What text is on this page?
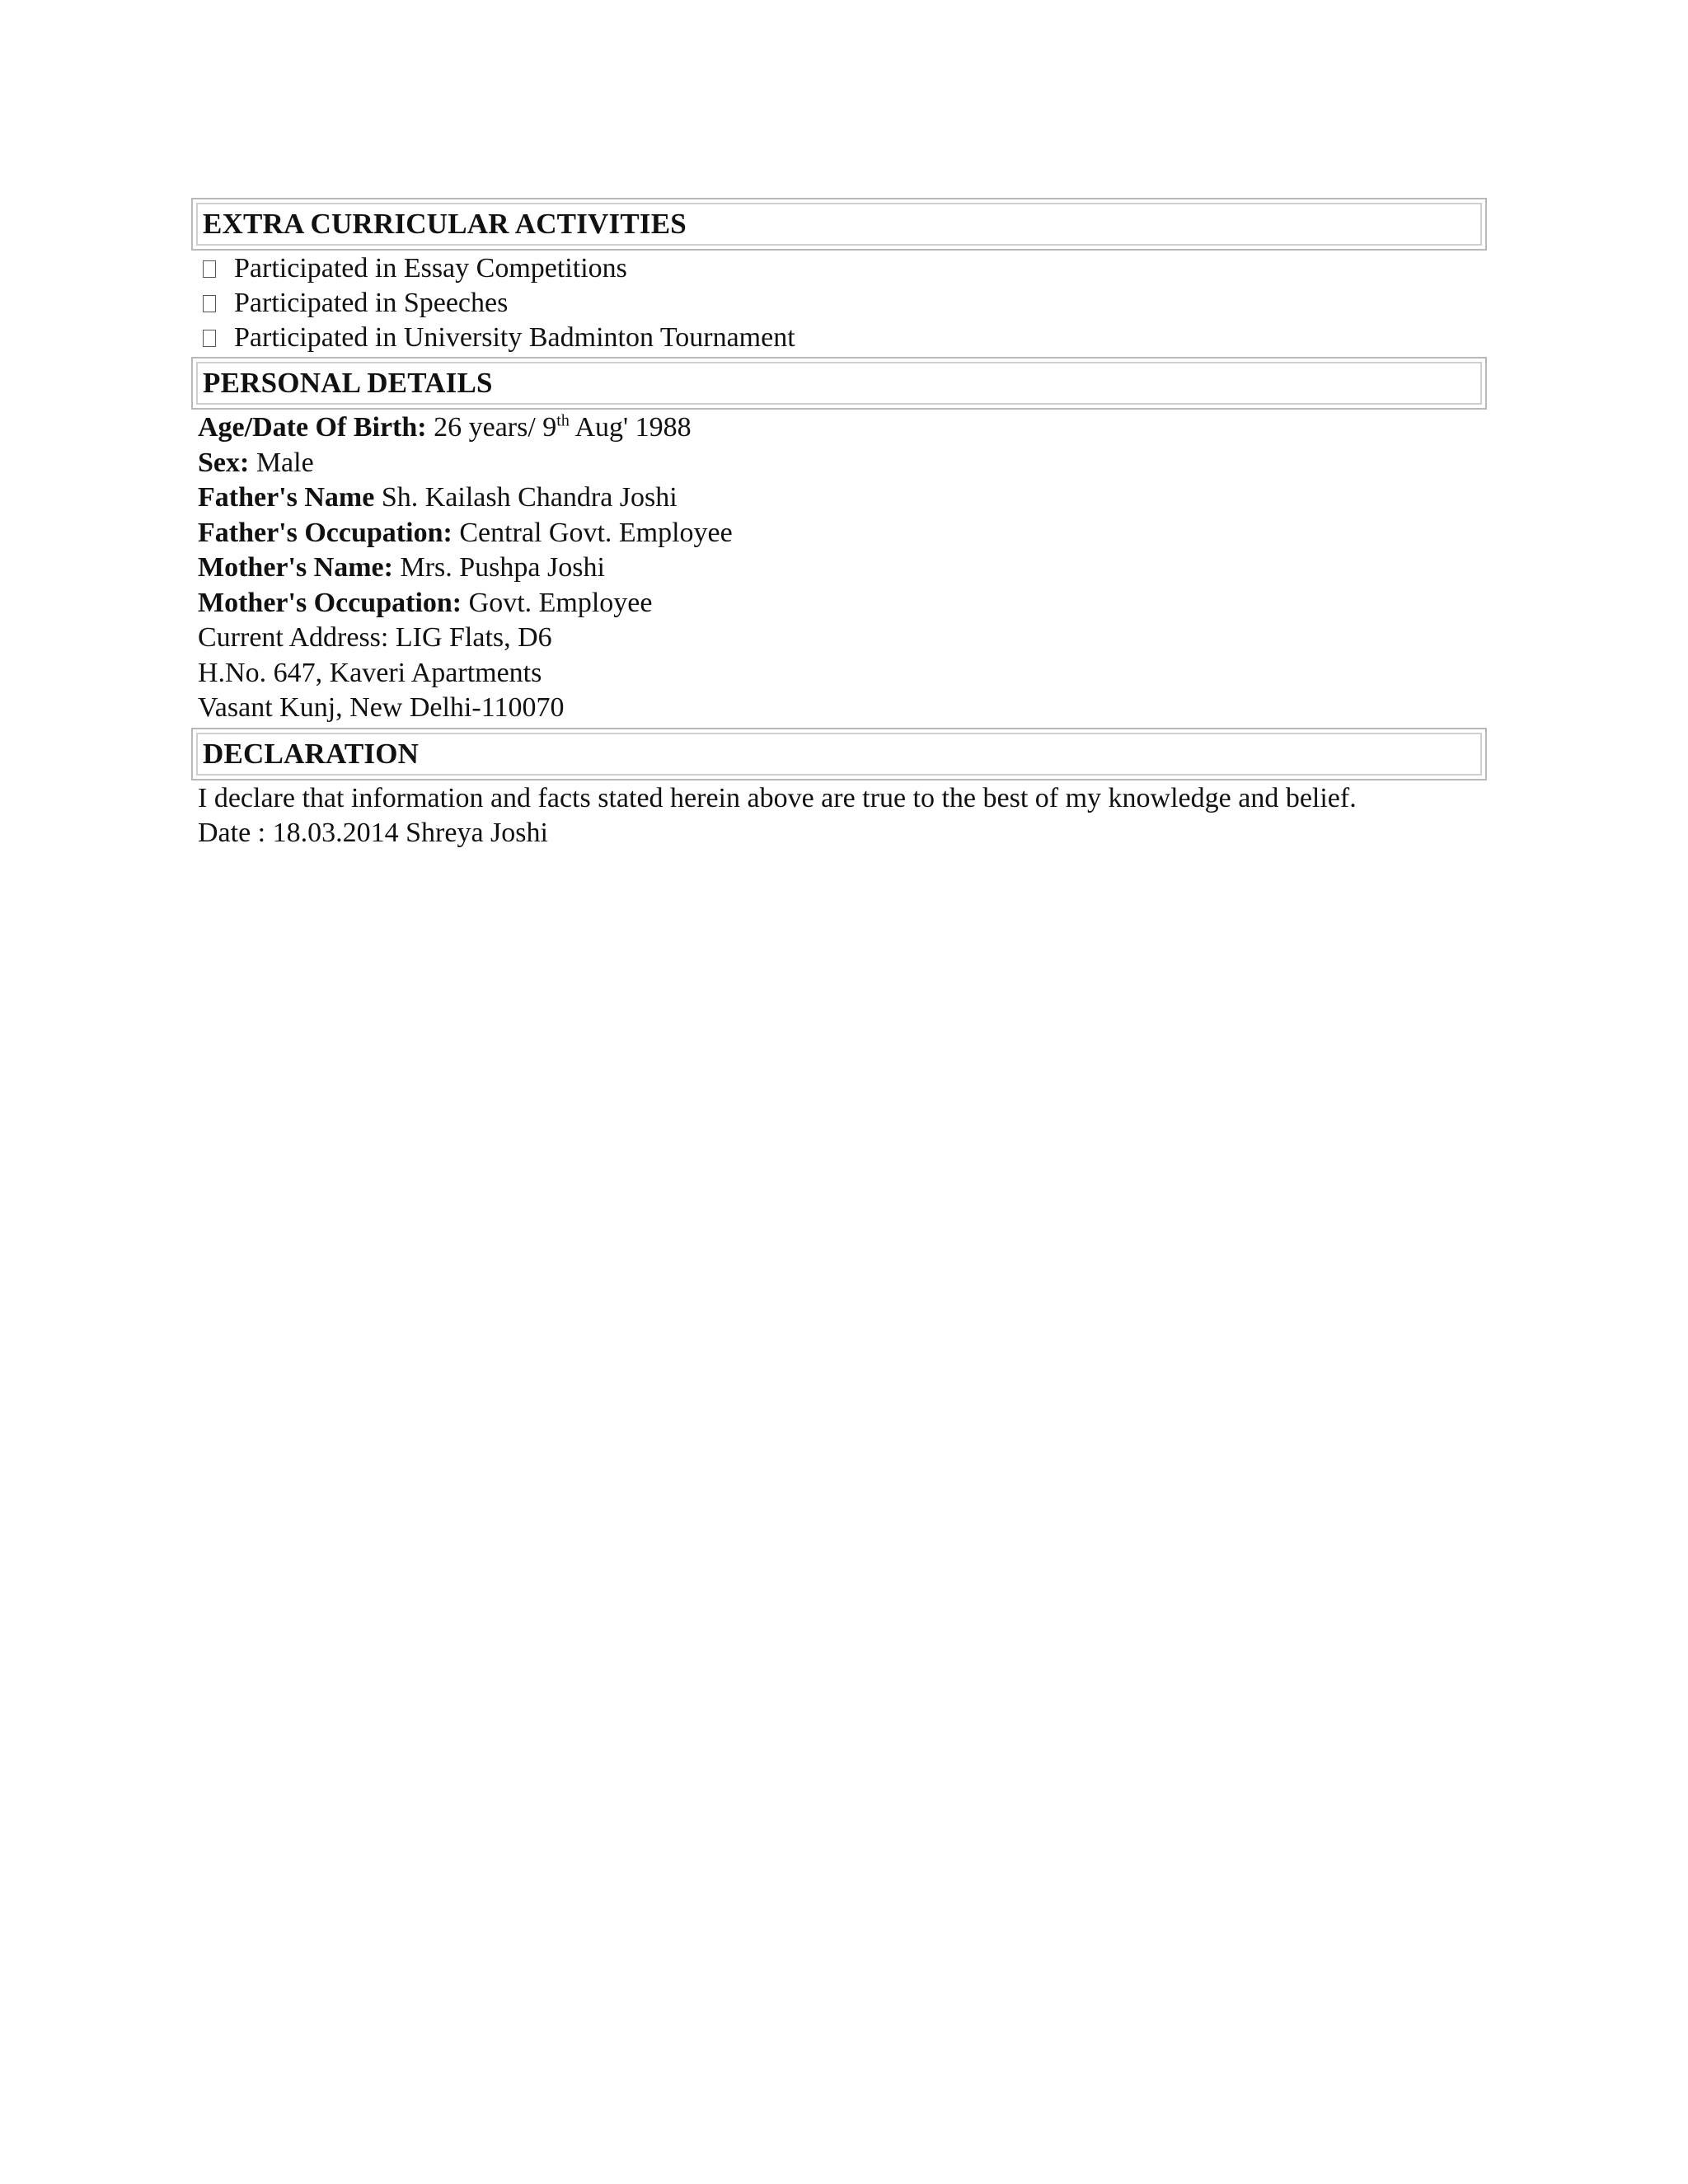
EXTRA CURRICULAR ACTIVITIES
Participated in Essay Competitions
Participated in Speeches
Participated in University Badminton Tournament
PERSONAL DETAILS
Age/Date Of Birth: 26 years/ 9th Aug' 1988
Sex: Male
Father's Name Sh. Kailash Chandra Joshi
Father's Occupation: Central Govt. Employee
Mother's Name: Mrs. Pushpa Joshi
Mother's Occupation: Govt. Employee
Current Address: LIG Flats, D6
H.No. 647, Kaveri Apartments
Vasant Kunj, New Delhi-110070
DECLARATION
I declare that information and facts stated herein above are true to the best of my knowledge and belief.
Date : 18.03.2014 Shreya Joshi
